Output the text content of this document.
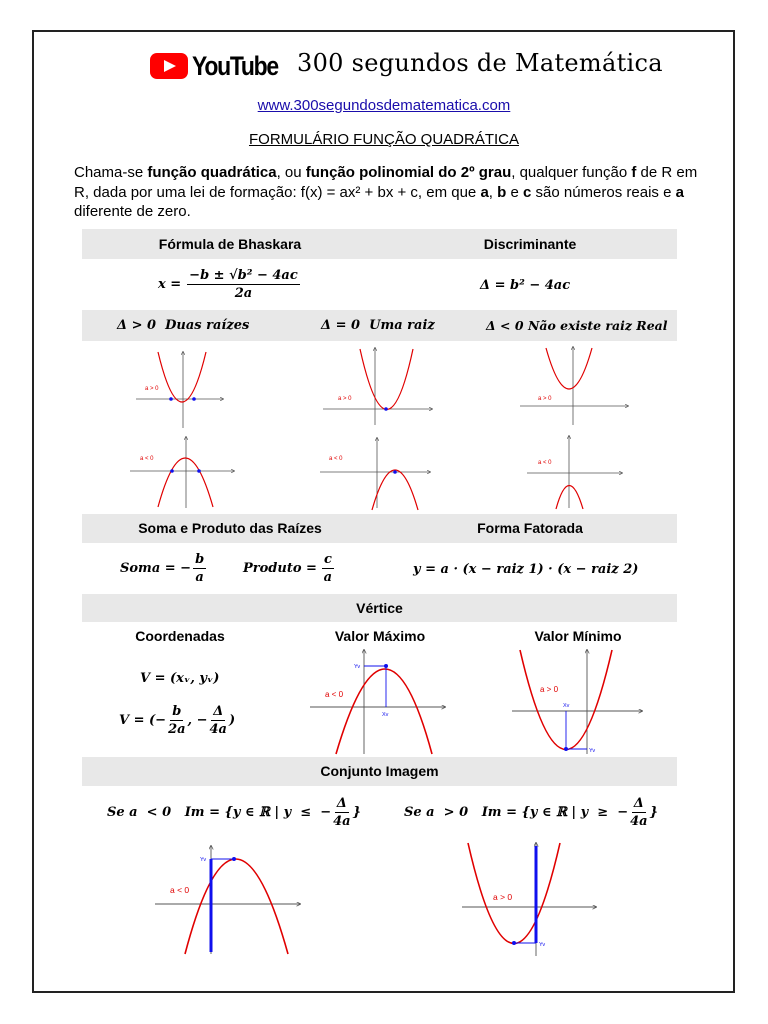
YouTube 300 segundos de Matemática
www.300segundosdematematica.com
FORMULÁRIO FUNÇÃO QUADRÁTICA
Chama-se função quadrática, ou função polinomial do 2º grau, qualquer função f de R em R, dada por uma lei de formação: f(x) = ax² + bx + c, em que a, b e c são números reais e a diferente de zero.
Fórmula de Bhaskara	Discriminante
$x = \frac{\text{−b ± √b² − 4ac}}{2a}$	Δ = b² − 4ac
Δ > 0 Duas raízes	Δ = 0 Uma raiz	Δ < 0 Não existe raiz Real
a > 0
a > 0	a > 0
a < 0	a < 0
a < 0
Soma e Produto das Raízes	Forma Fatorada
Soma = − $\frac{b}{a}$	Produto = $\frac{c}{a}$	y = a · (x − raiz 1) · (x − raiz 2)
Vértice
Coordenadas	Valor Máximo	Valor Mínimo
V = (xᵥ, yᵥ)
V = (− $\frac{b}{2a}$ , − $\frac{\Delta}{4a}$ )
a < 0
Yv
Xv
a > 0
Xv
Yv
Conjunto Imagem
Se a  < 0   Im = {y ∈ ℝ | y  ≤  − $\frac{\Delta}{4a}$ }	Se a  > 0   Im = {y ∈ ℝ | y  ≥  − $\frac{\Delta}{4a}$ }
a < 0
Yv
a > 0
Yv
